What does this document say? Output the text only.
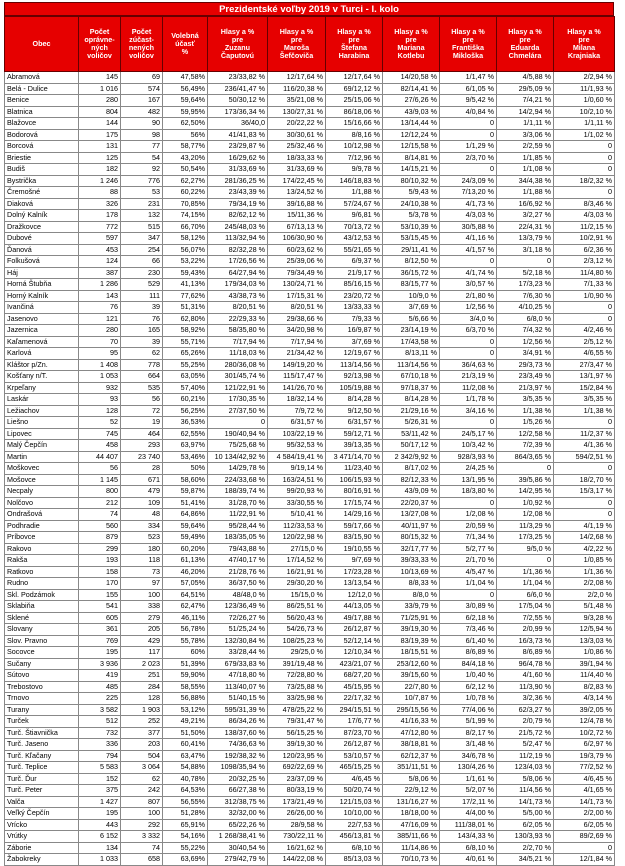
Prezidentské voľby 2019 v Turci - I. kolo
Obec	Počet
oprávne-
ných
voličov	Počet
zúčast-
nených
voličov	Volebná
účasť
%	Hlasy a %
pre
Zuzanu
Čaputovú	Hlasy a %
pre
Maroša
Šefčoviča	Hlasy a %
pre
Štefana
Harabina	Hlasy a %
pre
Mariana
Kotlebu	Hlasy a %
pre
Františka
Mikloška	Hlasy a %
pre
Eduarda
Chmelára	Hlasy a %
pre
Milana
Krajniaka
Abramová	145	69	47,58%	23/33,82 %	12/17,64 %	12/17,64 %	14/20,58 %	1/1,47 %	4/5,88 %	2/2,94 %
Belá - Dulice	1 016	574	56,49%	236/41,47 %	116/20,38 %	69/12,12 %	82/14,41 %	6/1,05 %	29/5,09 %	11/1,93 %
Benice	280	167	59,64%	50/30,12 %	35/21,08 %	25/15,06 %	27/6,26 %	9/5,42 %	7/4,21 %	1/0,60 %
Blatnica	804	482	59,95%	173/36,34 %	130/27,31 %	86/18,06 %	43/9,03 %	4/0,84 %	14/2,94 %	10/2,10 %
Blažovce	144	90	62,50%	36/40,0	20/22,22 %	15/16,66 %	13/14,44 %	0	1/1,11 %	1/1,11 %
Bodorová	175	98	56%	41/41,83 %	30/30,61 %	8/8,16 %	12/12,24 %	0	3/3,06 %	1/1,02 %
Borcová	131	77	58,77%	23/29,87 %	25/32,46 %	10/12,98 %	12/15,58 %	1/1,29 %	2/2,59 %	0
Briestie	125	54	43,20%	16/29,62 %	18/33,33 %	7/12,96 %	8/14,81 %	2/3,70 %	1/1,85 %	0
Budiš	182	92	50,54%	31/33,69 %	31/33,69 %	9/9,78 %	14/15,21 %	0	1/1,08 %	0
Bystrička	1 246	776	62,27%	281/36,25 %	174/22,45 %	146/18,83 %	80/10,32 %	24/3,09 %	34/4,38 %	18/2,32 %
Čremošné	88	53	60,22%	23/43,39 %	13/24,52 %	1/1,88 %	5/9,43 %	7/13,20 %	1/1,88 %	0
Diaková	326	231	70,85%	79/34,19 %	39/16,88 %	57/24,67 %	24/10,38 %	4/1,73 %	16/6,92 %	8/3,46 %
Dolný Kalník	178	132	74,15%	82/62,12 %	15/11,36 %	9/6,81 %	5/3,78 %	4/3,03 %	3/2,27 %	4/3,03 %
Dražkovce	772	515	66,70%	245/48,03 %	67/13,13 %	70/13,72 %	53/10,39 %	30/5,88 %	22/4,31 %	11/2,15 %
Dubové	597	347	58,12%	113/32,94 %	106/30,90 %	43/12,53 %	53/15,45 %	4/1,16 %	13/3,79 %	10/2,91 %
Ďanová	453	254	56,07%	82/32,28 %	60/23,62 %	55/21,65 %	29/11,41 %	4/1,57 %	3/1,18 %	6/2,36 %
Folkušová	124	66	53,22%	17/26,56 %	25/39,06 %	6/9,37 %	8/12,50 %	0	0	2/3,12 %
Háj	387	230	59,43%	64/27,94 %	79/34,49 %	21/9,17 %	36/15,72 %	4/1,74 %	5/2,18 %	11/4,80 %
Horná Štubňa	1 286	529	41,13%	179/34,03 %	130/24,71 %	85/16,15 %	83/15,77 %	3/0,57 %	17/3,23 %	7/1,33 %
Horný Kalník	143	111	77,62%	43/38,73 %	17/15,31 %	23/20,72 %	10/9,0 %	2/1,80 %	7/6,30 %	1/0,90 %
Ivančiná	76	39	51,31%	8/20,51 %	8/20,51 %	13/33,33 %	3/7,69 %	1/2,56 %	4/10,25 %	0
Jasenovo	121	76	62,80%	22/29,33 %	29/38,66 %	7/9,33 %	5/6,66 %	3/4,0 %	6/8,0 %	0
Jazernica	280	165	58,92%	58/35,80 %	34/20,98 %	16/9,87 %	23/14,19 %	6/3,70 %	7/4,32 %	4/2,46 %
Kaľamenová	70	39	55,71%	7/17,94 %	7/17,94 %	3/7,69 %	17/43,58 %	0	1/2,56 %	2/5,12 %
Karlová	95	62	65,26%	11/18,03 %	21/34,42 %	12/19,67 %	8/13,11 %	0	3/4,91 %	4/6,55 %
Kláštor p/Zn.	1 408	778	55,25%	280/36,08 %	149/19,20 %	113/14,56 %	113/14,56 %	36/4,63 %	29/3,73 %	27/3,47 %
Košťany n/T.	1 053	664	63,05%	301/45,74 %	115/17,47 %	92/13,98 %	67/10,18 %	21/3,19 %	23/3,49 %	13/1,97 %
Krpeľany	932	535	57,40%	121/22,91 %	141/26,70 %	105/19,88 %	97/18,37 %	11/2,08 %	21/3,97 %	15/2,84 %
Laskár	93	56	60,21%	17/30,35 %	18/32,14 %	8/14,28 %	8/14,28 %	1/1,78 %	3/5,35 %	3/5,35 %
Ležiachov	128	72	56,25%	27/37,50 %	7/9,72 %	9/12,50 %	21/29,16 %	3/4,16 %	1/1,38 %	1/1,38 %
Liešno	52	19	36,53%	0	6/31,57 %	6/31,57 %	5/26,31 %	0	1/5,26 %	0
Lipovec	745	464	62,55%	190/40,94 %	103/22,19 %	59/12,71 %	53/11,42 %	24/5,17 %	12/2,58 %	11/2,37 %
Malý Čepčín	458	293	63,97%	75/25,68 %	95/32,53 %	39/13,35 %	50/17,12 %	10/3,42 %	7/2,39 %	4/1,36 %
Martin	44 407	23 740	53,46%	10 134/42,92 %	4 584/19,41 %	3 471/14,70 %	2 342/9,92 %	928/3,93 %	864/3,65 %	594/2,51 %
Moškovec	56	28	50%	14/29,78 %	9/19,14 %	11/23,40 %	8/17,02 %	2/4,25 %	0	0
Mošovce	1 145	671	58,60%	224/33,68 %	163/24,51 %	106/15,93 %	82/12,33 %	13/1,95 %	39/5,86 %	18/2,70 %
Necpaly	800	479	59,87%	188/39,74 %	99/20,93 %	80/16,91 %	43/9,09 %	18/3,80 %	14/2,95 %	15/3,17 %
Nolčovo	212	109	51,41%	31/28,70 %	33/30,55 %	17/15,74 %	22/20,37 %	0	1/0,92 %	0
Ondrašová	74	48	64,86%	11/22,91 %	5/10,41 %	14/29,16 %	13/27,08 %	1/2,08 %	1/2,08 %	0
Podhradie	560	334	59,64%	95/28,44 %	112/33,53 %	59/17,66 %	40/11,97 %	2/0,59 %	11/3,29 %	4/1,19 %
Príbovce	879	523	59,49%	183/35,05 %	120/22,98 %	83/15,90 %	80/15,32 %	7/1,34 %	17/3,25 %	14/2,68 %
Rakovo	299	180	60,20%	79/43,88 %	27/15,0 %	19/10,55 %	32/17,77 %	5/2,77 %	9/5,0 %	4/2,22 %
Rakša	193	118	61,13%	47/40,17 %	17/14,52 %	9/7,69 %	39/33,33 %	2/1,70 %	0	1/0,85 %
Ratkovo	158	73	46,20%	21/28,76 %	16/21,91 %	17/23,28 %	10/13,69 %	4/5,47 %	1/1,36 %	1/1,36 %
Rudno	170	97	57,05%	36/37,50 %	29/30,20 %	13/13,54 %	8/8,33 %	1/1,04 %	1/1,04 %	2/2,08 %
Skl. Podzámok	155	100	64,51%	48/48,0 %	15/15,0 %	12/12,0 %	8/8,0 %	0	6/6,0 %	2/2,0 %
Sklabiňa	541	338	62,47%	123/36,49 %	86/25,51 %	44/13,05 %	33/9,79 %	3/0,89 %	17/5,04 %	5/1,48 %
Sklené	605	279	46,11%	72/26,27 %	56/20,43 %	49/17,88 %	71/25,91 %	6/2,18 %	7/2,55 %	9/3,28 %
Slovany	361	205	56,78%	51/25,24 %	54/26,73 %	26/12,87 %	39/19,30 %	7/3,46 %	2/0,99 %	12/5,94 %
Slov. Pravno	769	429	55,78%	132/30,84 %	108/25,23 %	52/12,14 %	83/19,39 %	6/1,40 %	16/3,73 %	13/3,03 %
Socovce	195	117	60%	33/28,44 %	29/25,0 %	12/10,34 %	18/15,51 %	8/6,89 %	8/6,89 %	1/0,86 %
Sučany	3 936	2 023	51,39%	679/33,83 %	391/19,48 %	423/21,07 %	253/12,60 %	84/4,18 %	96/4,78 %	39/1,94 %
Sútovo	419	251	59,90%	47/18,80 %	72/28,80 %	68/27,20 %	39/15,60 %	1/0,40 %	4/1,60 %	11/4,40 %
Trebostovo	485	284	58,55%	113/40,07 %	73/25,88 %	45/15,95 %	22/7,80 %	6/2,12 %	11/3,90 %	8/2,83 %
Trnovo	225	128	56,88%	51/40,15 %	33/25,98 %	22/17,32 %	10/7,87 %	1/0,78 %	3/2,36 %	4/3,14 %
Turany	3 582	1 903	53,12%	595/31,39 %	478/25,22 %	294/15,51 %	295/15,56 %	77/4,06 %	62/3,27 %	39/2,05 %
Turček	512	252	49,21%	86/34,26 %	79/31,47 %	17/6,77 %	41/16,33 %	5/1,99 %	2/0,79 %	12/4,78 %
Turč. Štiavnička	732	377	51,50%	138/37,60 %	56/15,25 %	87/23,70 %	47/12,80 %	8/2,17 %	21/5,72 %	10/2,72 %
Turč. Jaseno	336	203	60,41%	74/36,63 %	39/19,30 %	26/12,87 %	38/18,81 %	3/1,48 %	5/2,47 %	6/2,97 %
Turč. Kľačany	794	504	63,47%	192/38,32 %	120/23,95 %	53/10,57 %	62/12,37 %	34/6,78 %	11/2,19 %	19/3,79 %
Turč. Teplice	5 583	3 064	54,88%	1098/35,94 %	692/22,69 %	465/15,25 %	351/11,51 %	130/4,26 %	123/4,03 %	77/2,52 %
Turč. Ďur	152	62	40,78%	20/32,25 %	23/37,09 %	4/6,45 %	5/8,06 %	1/1,61 %	5/8,06 %	4/6,45 %
Turč. Peter	375	242	64,53%	66/27,38 %	80/33,19 %	50/20,74 %	22/9,12 %	5/2,07 %	11/4,56 %	4/1,65 %
Valča	1 427	807	56,55%	312/38,75 %	173/21,49 %	121/15,03 %	131/16,27 %	17/2,11 %	14/1,73 %	14/1,73 %
Veľký Čepčín	195	100	51,28%	32/32,00 %	26/26,00 %	10/10,00 %	18/18,00 %	4/4,00 %	5/5,00 %	2/2,00 %
Vrícko	443	292	65,91%	65/22,26 %	28/9,58 %	22/7,53 %	47/16,09 %	111/38,01 %	6/2,05 %	6/2,05 %
Vrútky	6 152	3 332	54,16%	1 268/38,41 %	730/22,11 %	456/13,81 %	385/11,66 %	143/4,33 %	130/3,93 %	89/2,69 %
Záborie	134	74	55,22%	30/40,54 %	16/21,62 %	6/8,10 %	11/14,86 %	6/8,10 %	2/2,70 %	0
Žabokreky	1 033	658	63,69%	279/42,79 %	144/22,08 %	85/13,03 %	70/10,73 %	4/0,61 %	34/5,21 %	12/1,84 %
